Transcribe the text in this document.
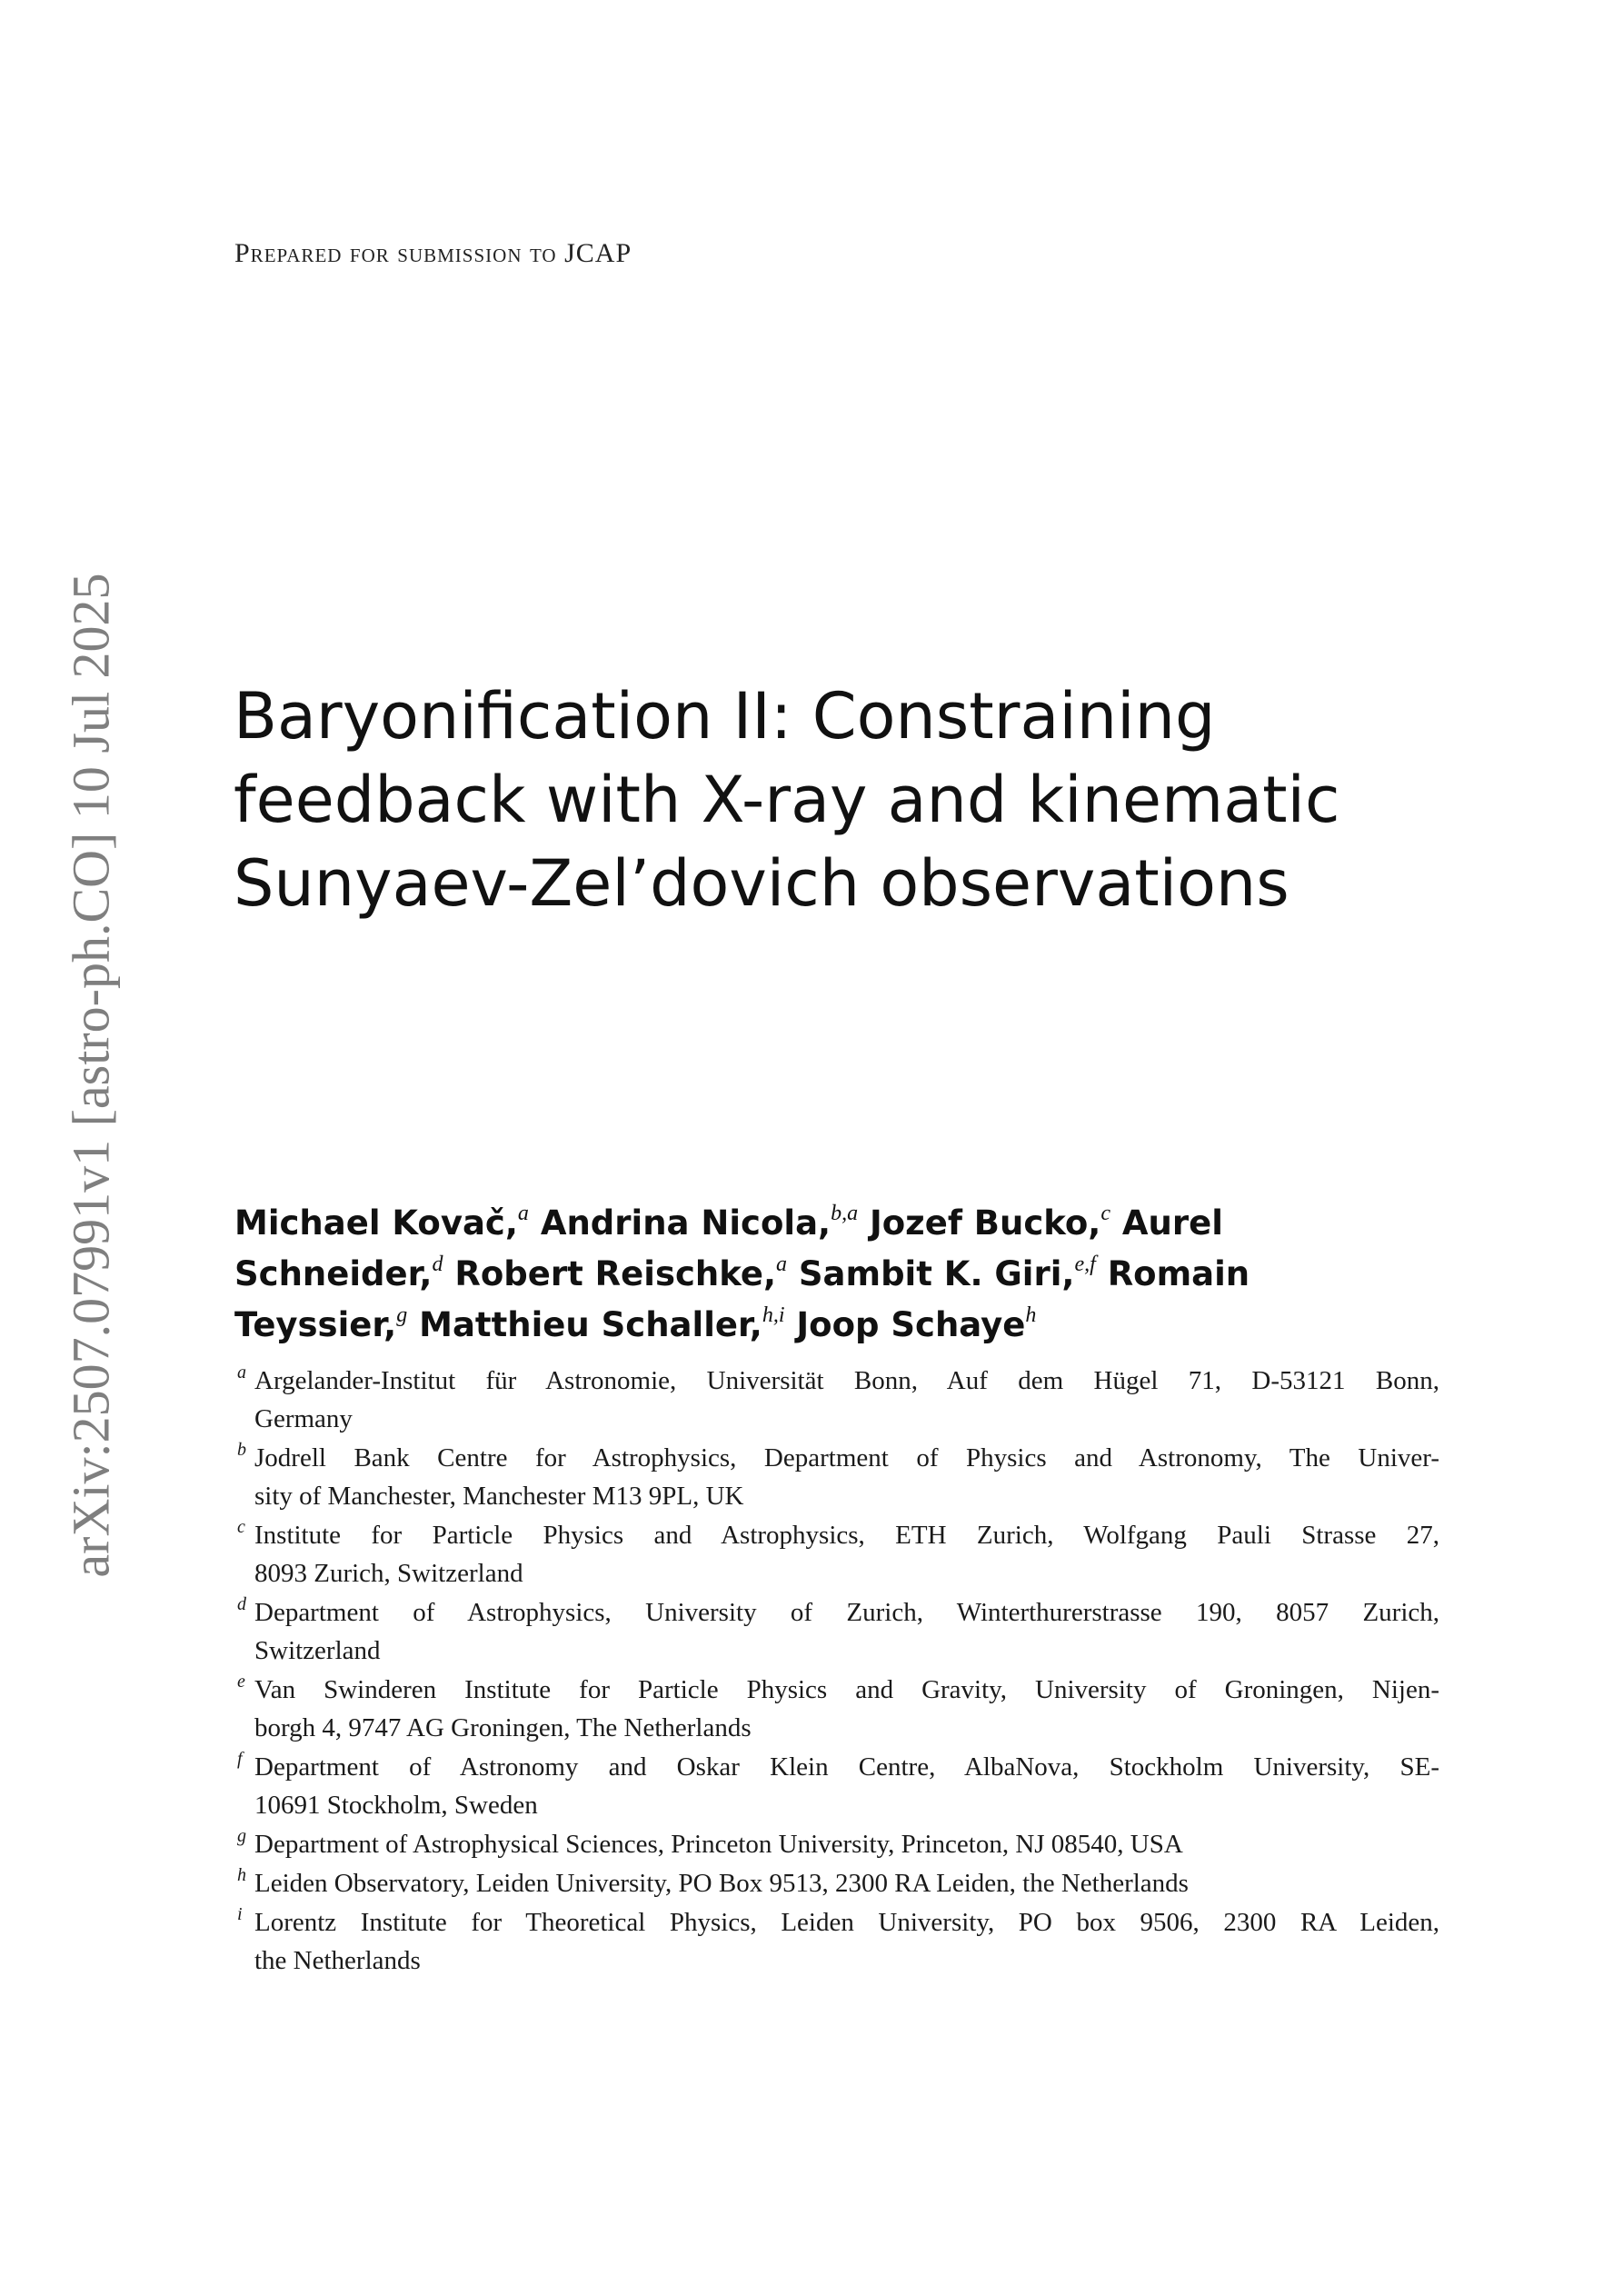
Prepared for submission to JCAP
arXiv:2507.07991v1 [astro-ph.CO] 10 Jul 2025 Baryonification II: Constraining
feedback with X-ray and kinematic
Sunyaev-Zel’dovich observations
Michael Kovač,$^a$ Andrina Nicola,$^{b,a}$ Jozef Bucko,$^c$ Aurel
Schneider,$^d$ Robert Reischke,$^a$ Sambit K. Giri,$^{e,f}$ Romain
Teyssier,$^g$ Matthieu Schaller,$^{h,i}$ Joop Schaye$^h$
a Argelander-Institut für Astronomie, Universität Bonn, Auf dem Hügel 71, D-53121 Bonn,
Germany
b Jodrell Bank Centre for Astrophysics, Department of Physics and Astronomy, The Univer-
sity of Manchester, Manchester M13 9PL, UK
c Institute for Particle Physics and Astrophysics, ETH Zurich, Wolfgang Pauli Strasse 27,
8093 Zurich, Switzerland
d Department of Astrophysics, University of Zurich, Winterthurerstrasse 190, 8057 Zurich,
Switzerland
e Van Swinderen Institute for Particle Physics and Gravity, University of Groningen, Nijen-
borgh 4, 9747 AG Groningen, The Netherlands
f Department of Astronomy and Oskar Klein Centre, AlbaNova, Stockholm University, SE-
10691 Stockholm, Sweden
g Department of Astrophysical Sciences, Princeton University, Princeton, NJ 08540, USA
h Leiden Observatory, Leiden University, PO Box 9513, 2300 RA Leiden, the Netherlands
i Lorentz Institute for Theoretical Physics, Leiden University, PO box 9506, 2300 RA Leiden,
the Netherlands
